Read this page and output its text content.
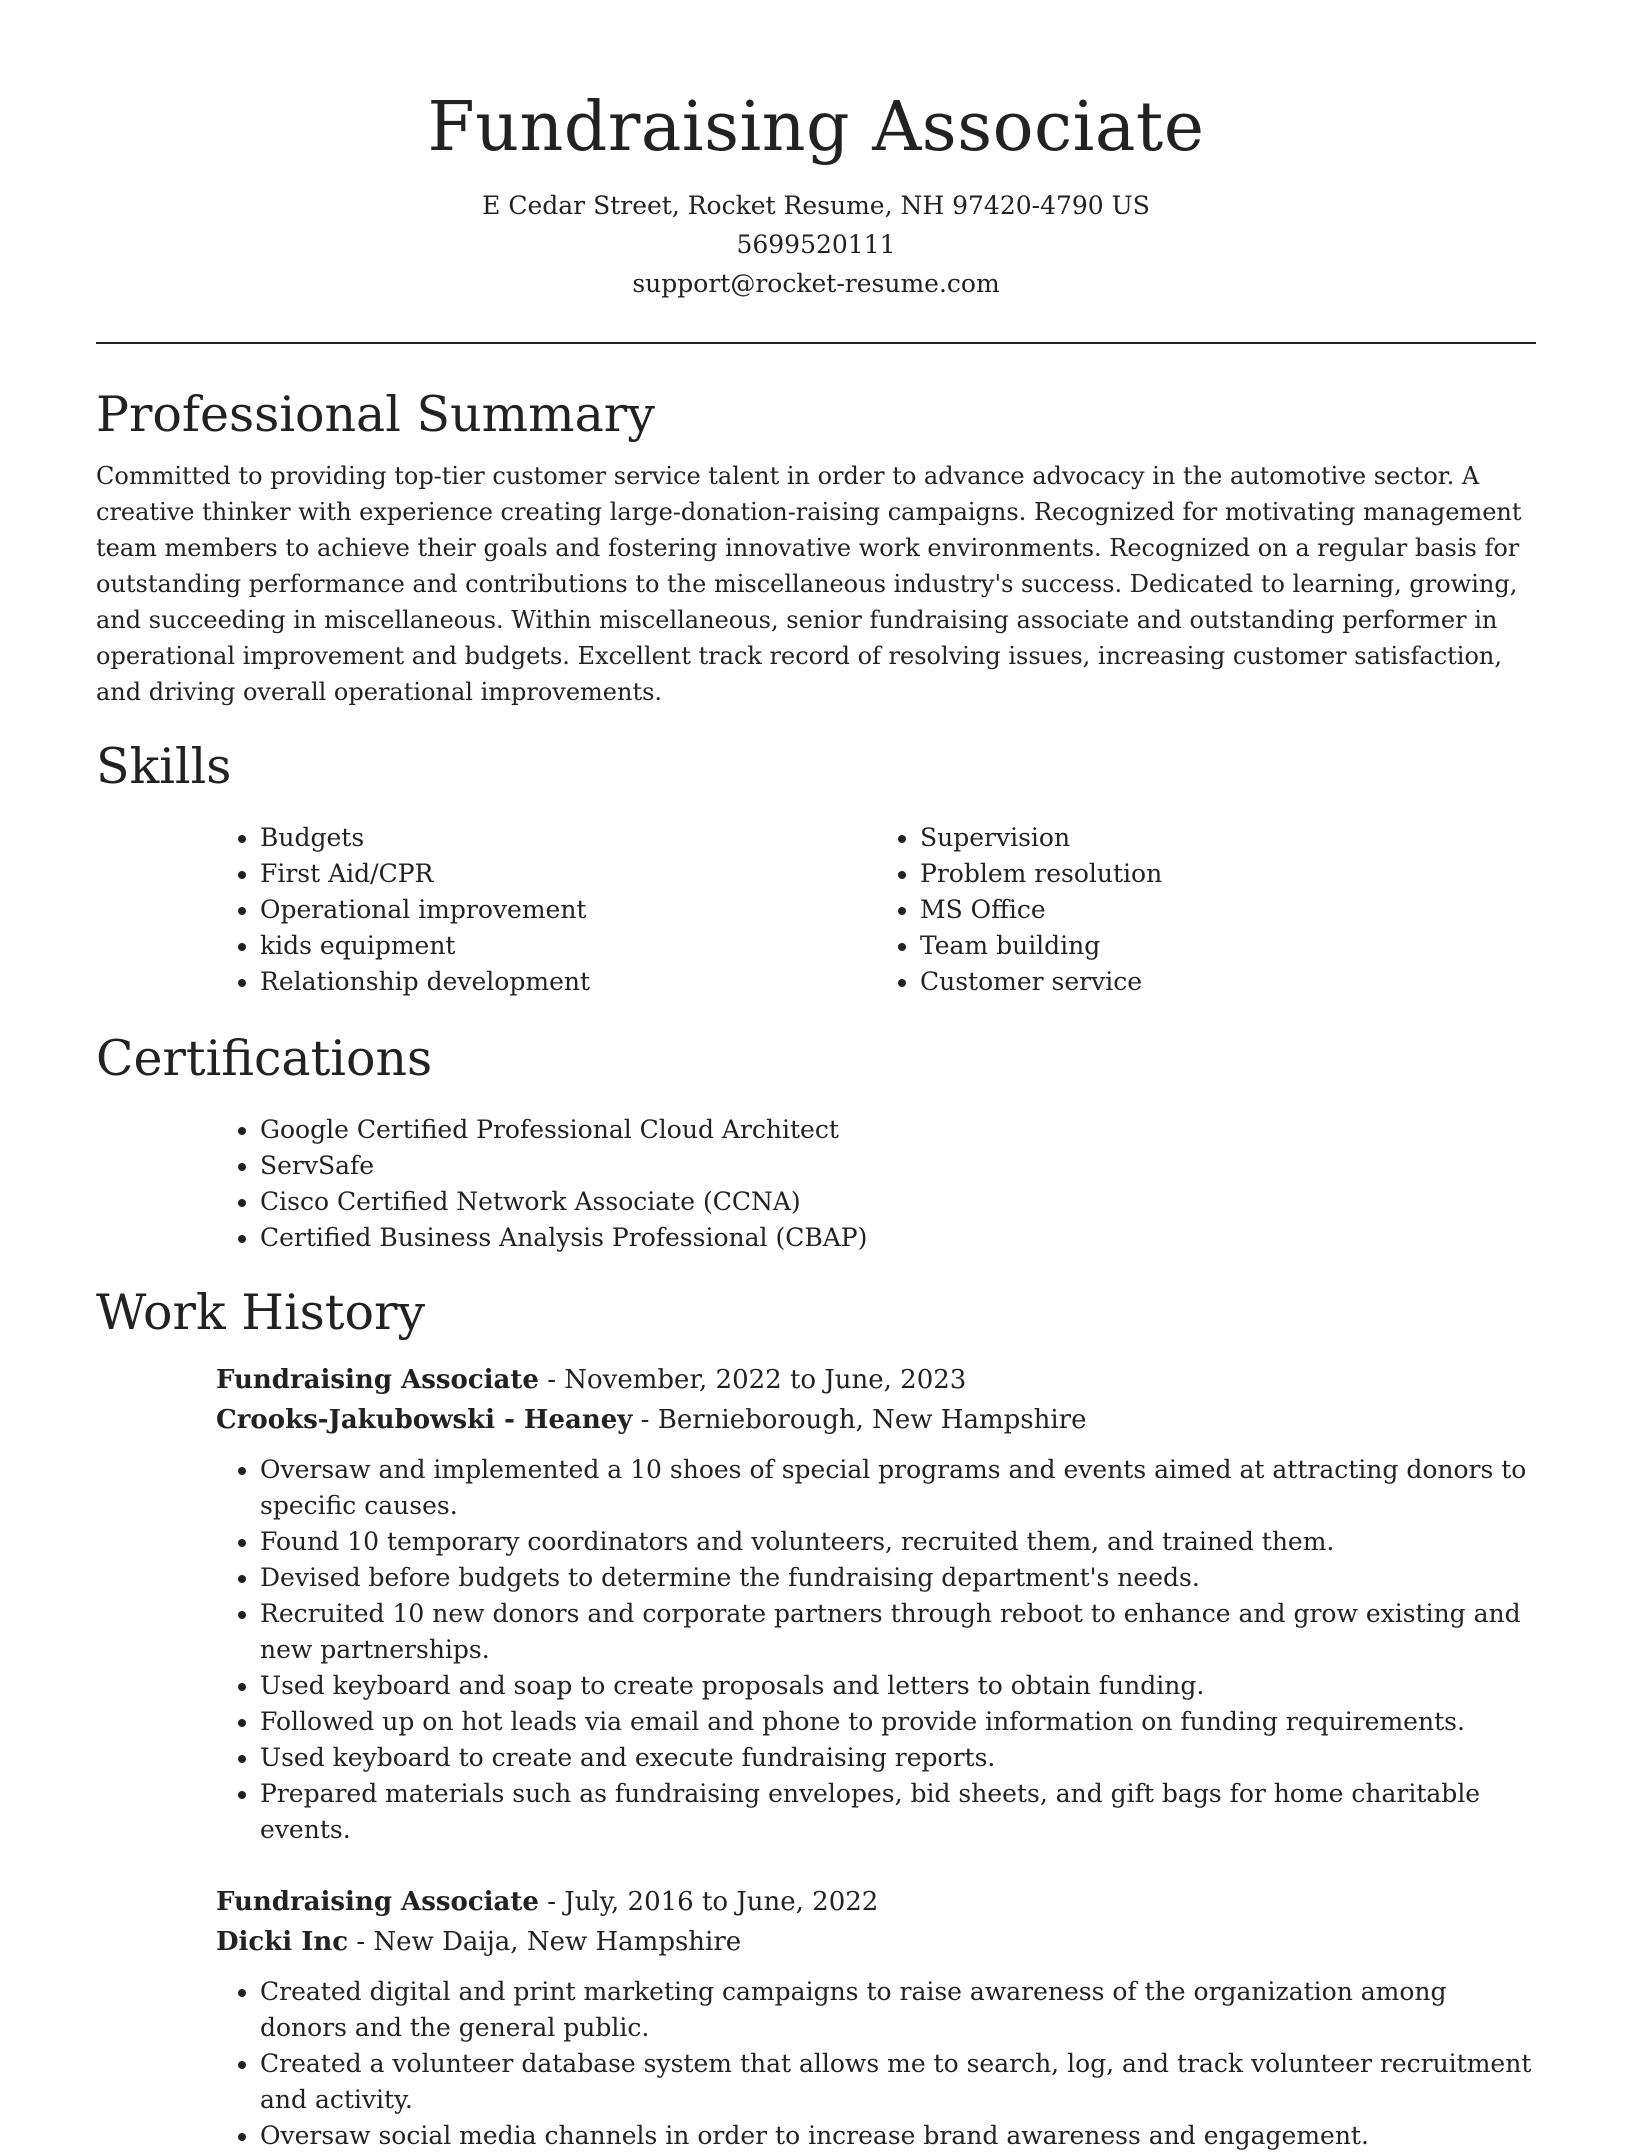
Fundraising Associate
E Cedar Street, Rocket Resume, NH 97420-4790 US
5699520111
support@rocket-resume.com
Professional Summary

Committed to providing top-tier customer service talent in order to advance advocacy in the automotive sector. A creative thinker with experience creating large-donation-raising campaigns. Recognized for motivating management team members to achieve their goals and fostering innovative work environments. Recognized on a regular basis for outstanding performance and contributions to the miscellaneous industry's success. Dedicated to learning, growing, and succeeding in miscellaneous. Within miscellaneous, senior fundraising associate and outstanding performer in operational improvement and budgets. Excellent track record of resolving issues, increasing customer satisfaction, and driving overall operational improvements.

Skills
• Budgets
• First Aid/CPR
• Operational improvement
• kids equipment
• Relationship development
• Supervision
• Problem resolution
• MS Office
• Team building
• Customer service
Certifications
• Google Certified Professional Cloud Architect
• ServSafe
• Cisco Certified Network Associate (CCNA)
• Certified Business Analysis Professional (CBAP)
Work History
Fundraising Associate - November, 2022 to June, 2023
Crooks-Jakubowski - Heaney - Bernieborough, New Hampshire
• Oversaw and implemented a 10 shoes of special programs and events aimed at attracting donors to specific causes.
• Found 10 temporary coordinators and volunteers, recruited them, and trained them.
• Devised before budgets to determine the fundraising department's needs.
• Recruited 10 new donors and corporate partners through reboot to enhance and grow existing and new partnerships.
• Used keyboard and soap to create proposals and letters to obtain funding.
• Followed up on hot leads via email and phone to provide information on funding requirements.
• Used keyboard to create and execute fundraising reports.
• Prepared materials such as fundraising envelopes, bid sheets, and gift bags for home charitable events.
Fundraising Associate - July, 2016 to June, 2022
Dicki Inc - New Daija, New Hampshire
• Created digital and print marketing campaigns to raise awareness of the organization among donors and the general public.
• Created a volunteer database system that allows me to search, log, and track volunteer recruitment and activity.
• Oversaw social media channels in order to increase brand awareness and engagement.
